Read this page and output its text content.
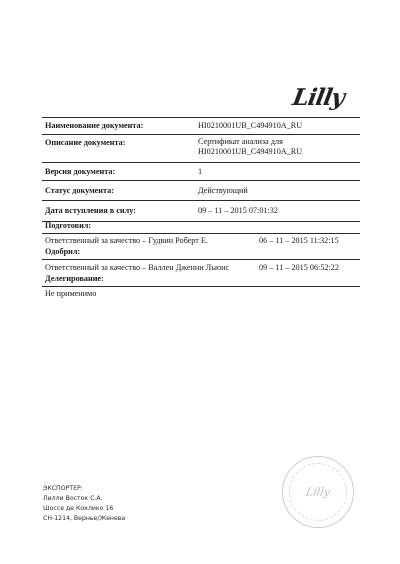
Lilly
Наименование документа:	HI0210001UB_C494910A_RU
Описание документа:	Сертификат анализа для
HI0210001UB_C494910A_RU
Версия документа:	1
Статус документа:	Действующий
Дата вступления в силу:	09 – 11 – 2015 07:01:32
Подготовил:
Ответственный за качество – Гудвин Роберт Е.	06 – 11 – 2015 11:32:15
Одобрил:
Ответственный за качество – Валлен Дженни Льюис	09 – 11 – 2015 06:52:22
Делегирование:
Не применимо
ЭКСПОРТЕР:
Лилли Восток С.А.
Шоссе де Коклико 16
CH-1214, Вернье/Женева
Lilly
